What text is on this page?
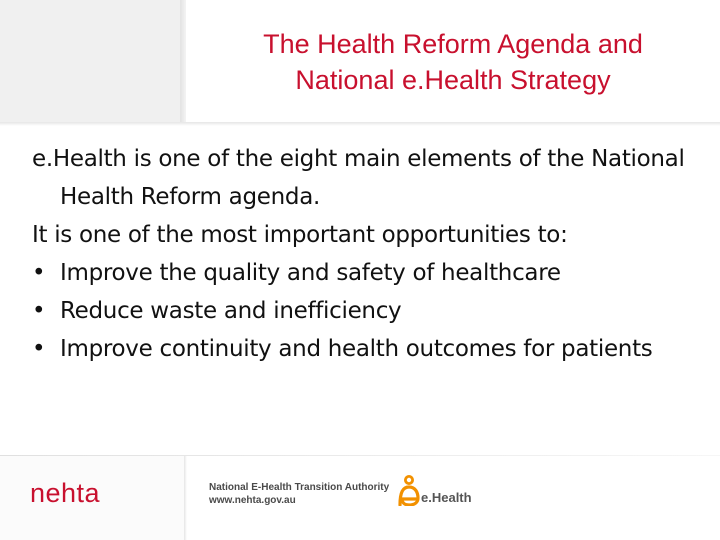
The Health Reform Agenda and
National e.Health Strategy
e.Health is one of the eight main elements of the National Health Reform agenda.
It is one of the most important opportunities to:
• Improve the quality and safety of healthcare
• Reduce waste and inefficiency
• Improve continuity and health outcomes for patients
nehta	National E-Health Transition Authority
www.nehta.gov.au	e.Health
